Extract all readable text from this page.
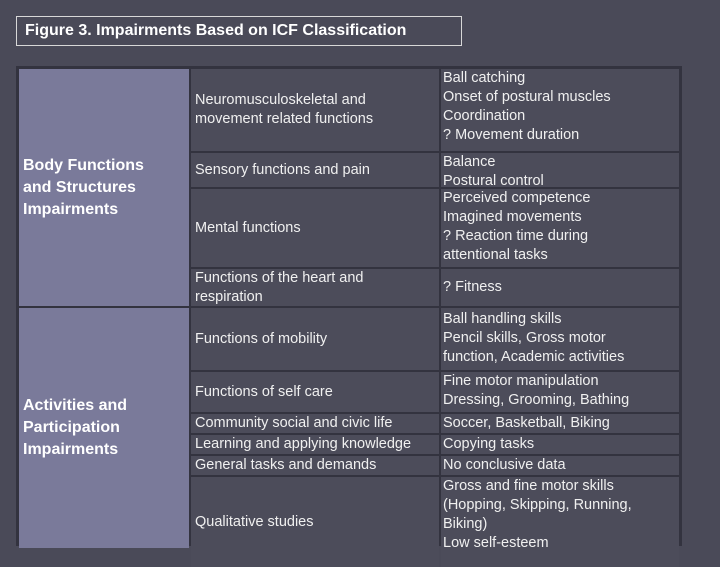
Figure 3. Impairments Based on ICF Classification
Body Functions
and Structures
Impairments
Neuromusculoskeletal and
movement related functions
Sensory functions and pain
Mental functions
Functions of the heart and
respiration
Ball catching
Onset of postural muscles
Coordination
? Movement duration
Balance
Postural control
Perceived competence
Imagined movements
? Reaction time during
attentional tasks
? Fitness
Activities and
Participation
Impairments
Functions of mobility
Functions of self care
Community social and civic life
Learning and applying knowledge
General tasks and demands
Qualitative studies
Ball handling skills
Pencil skills, Gross motor
function, Academic activities
Fine motor manipulation
Dressing, Grooming, Bathing
Soccer, Basketball, Biking
Copying tasks
No conclusive data
Gross and fine motor skills
(Hopping, Skipping, Running,
Biking)
Low self-esteem
